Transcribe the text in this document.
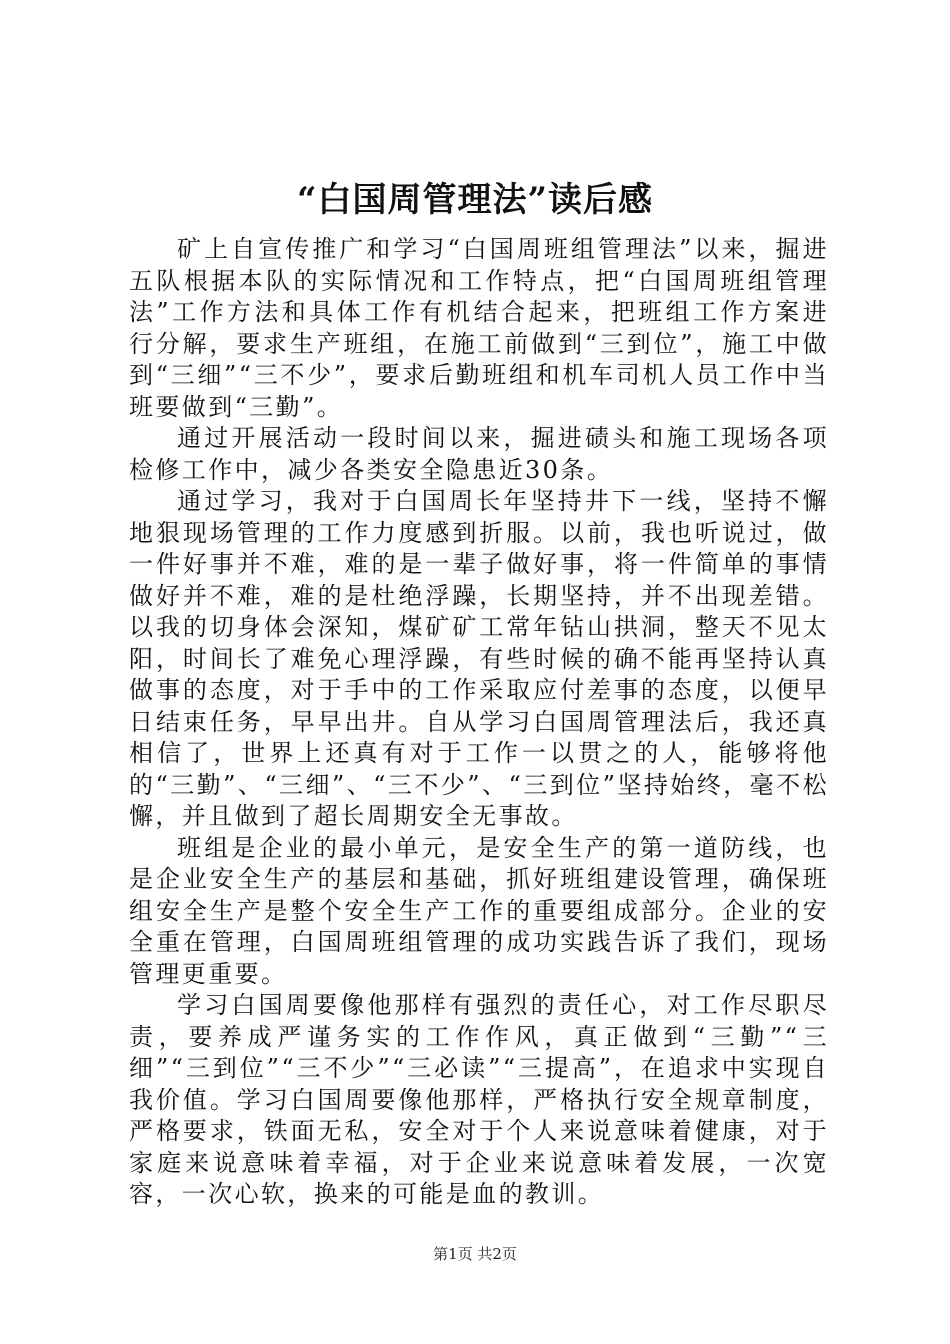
“白国周管理法”读后感

矿上自宣传推广和学习“白国周班组管理法”以来，掘进五队根据本队的实际情况和工作特点，把“白国周班组管理法”工作方法和具体工作有机结合起来，把班组工作方案进行分解，要求生产班组，在施工前做到“三到位”，施工中做到“三细”“三不少”，要求后勤班组和机车司机人员工作中当班要做到“三勤”。

通过开展活动一段时间以来，掘进碛头和施工现场各项检修工作中，减少各类安全隐患近30条。

通过学习，我对于白国周长年坚持井下一线，坚持不懈地狠现场管理的工作力度感到折服。以前，我也听说过，做一件好事并不难，难的是一辈子做好事，将一件简单的事情做好并不难，难的是杜绝浮躁，长期坚持，并不出现差错。以我的切身体会深知，煤矿矿工常年钻山拱洞，整天不见太阳，时间长了难免心理浮躁，有些时候的确不能再坚持认真做事的态度，对于手中的工作采取应付差事的态度，以便早日结束任务，早早出井。自从学习白国周管理法后，我还真相信了，世界上还真有对于工作一以贯之的人，能够将他的“三勤”、“三细”、“三不少”、“三到位”坚持始终，毫不松懈，并且做到了超长周期安全无事故。

班组是企业的最小单元，是安全生产的第一道防线，也是企业安全生产的基层和基础，抓好班组建设管理，确保班组安全生产是整个安全生产工作的重要组成部分。企业的安全重在管理，白国周班组管理的成功实践告诉了我们，现场管理更重要。

学习白国周要像他那样有强烈的责任心，对工作尽职尽责，要养成严谨务实的工作作风，真正做到“三勤”“三细”“三到位”“三不少”“三必读”“三提高”，在追求中实现自我价值。学习白国周要像他那样，严格执行安全规章制度，严格要求，铁面无私，安全对于个人来说意味着健康，对于家庭来说意味着幸福，对于企业来说意味着发展，一次宽容，一次心软，换来的可能是血的教训。

第1页 共2页
